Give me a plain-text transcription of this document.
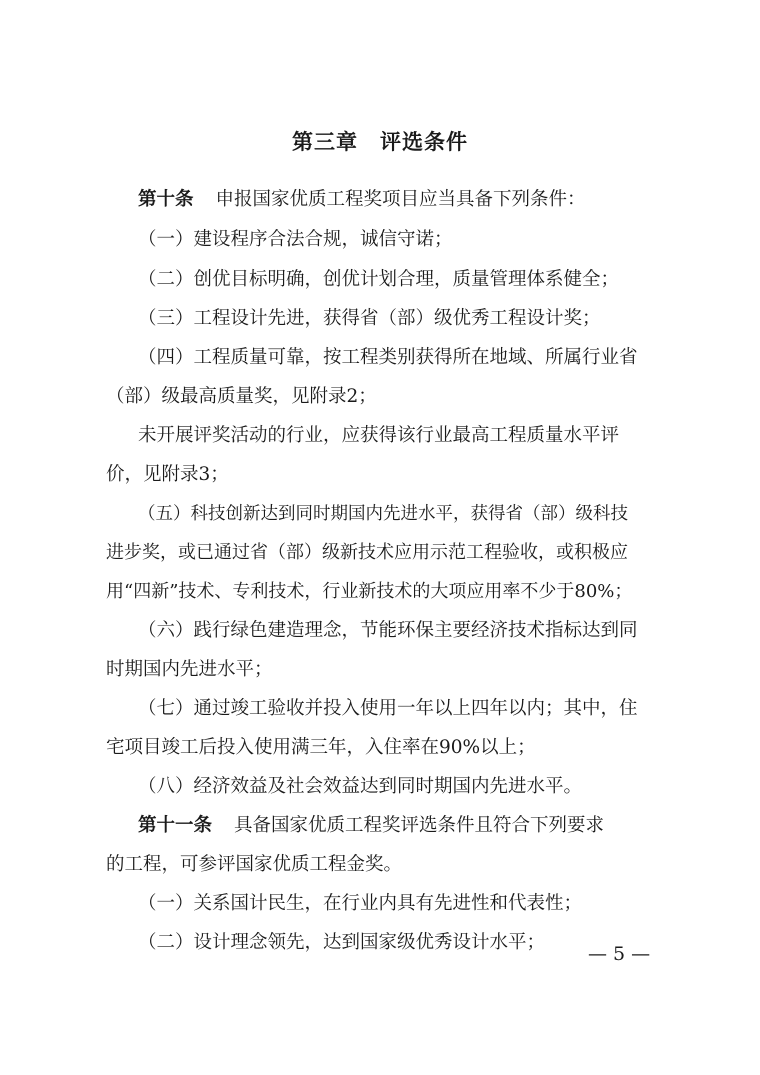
第三章　评选条件
第十条 申报国家优质工程奖项目应当具备下列条件：
（一）建设程序合法合规，诚信守诺；
（二）创优目标明确，创优计划合理，质量管理体系健全；
（三）工程设计先进，获得省（部）级优秀工程设计奖；
（四）工程质量可靠，按工程类别获得所在地域、所属行业省
（部）级最高质量奖，见附录2；
未开展评奖活动的行业，应获得该行业最高工程质量水平评
价，见附录3；
（五）科技创新达到同时期国内先进水平，获得省（部）级科技
进步奖，或已通过省（部）级新技术应用示范工程验收，或积极应
用“四新”技术、专利技术，行业新技术的大项应用率不少于80%；
（六）践行绿色建造理念，节能环保主要经济技术指标达到同
时期国内先进水平；
（七）通过竣工验收并投入使用一年以上四年以内；其中，住
宅项目竣工后投入使用满三年，入住率在90%以上；
（八）经济效益及社会效益达到同时期国内先进水平。
第十一条 具备国家优质工程奖评选条件且符合下列要求
的工程，可参评国家优质工程金奖。
（一）关系国计民生，在行业内具有先进性和代表性；
（二）设计理念领先，达到国家级优秀设计水平；
— 5 —
